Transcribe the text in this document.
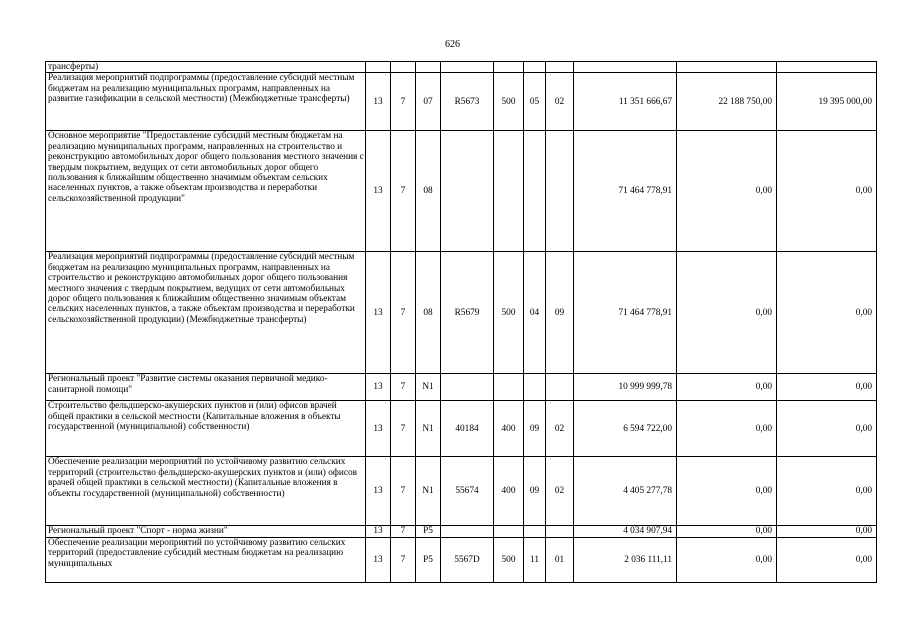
626
трансферты)										
Реализация мероприятий подпрограммы (предоставление субсидий местным бюджетам на реализацию муниципальных программ, направленных на развитие газификации в сельской местности) (Межбюджетные трансферты)	13	7	07	R5673	500	05	02	11 351 666,67	22 188 750,00	19 395 000,00
Основное мероприятие "Предоставление субсидий местным бюджетам на реализацию муниципальных программ, направленных на строительство и реконструкцию автомобильных дорог общего пользования местного значения с твердым покрытием, ведущих от сети автомобильных дорог общего пользования к ближайшим общественно значимым объектам сельских населенных пунктов, а также объектам производства и переработки сельскохозяйственной продукции"	13	7	08					71 464 778,91	0,00	0,00
Реализация мероприятий подпрограммы (предоставление субсидий местным бюджетам на реализацию муниципальных программ, направленных на строительство и реконструкцию автомобильных дорог общего пользования местного значения с твердым покрытием, ведущих от сети автомобильных дорог общего пользования к ближайшим общественно значимым объектам сельских населенных пунктов, а также объектам производства и переработки сельскохозяйственной продукции) (Межбюджетные трансферты)	13	7	08	R5679	500	04	09	71 464 778,91	0,00	0,00
Региональный проект "Развитие системы оказания первичной медико-санитарной помощи"	13	7	N1					10 999 999,78	0,00	0,00
Строительство фельдшерско-акушерских пунктов и (или) офисов врачей общей практики в сельской местности (Капитальные вложения в объекты государственной (муниципальной) собственности)	13	7	N1	40184	400	09	02	6 594 722,00	0,00	0,00
Обеспечение реализации мероприятий по устойчивому развитию сельских территорий (строительство фельдшерско-акушерских пунктов и (или) офисов врачей общей практики в сельской местности) (Капитальные вложения в объекты государственной (муниципальной) собственности)	13	7	N1	55674	400	09	02	4 405 277,78	0,00	0,00
Региональный проект "Спорт - норма жизни"	13	7	P5					4 034 907,94	0,00	0,00
Обеспечение реализации мероприятий по устойчивому развитию сельских территорий (предоставление субсидий местным бюджетам на реализацию муниципальных	13	7	P5	5567D	500	11	01	2 036 111,11	0,00	0,00
